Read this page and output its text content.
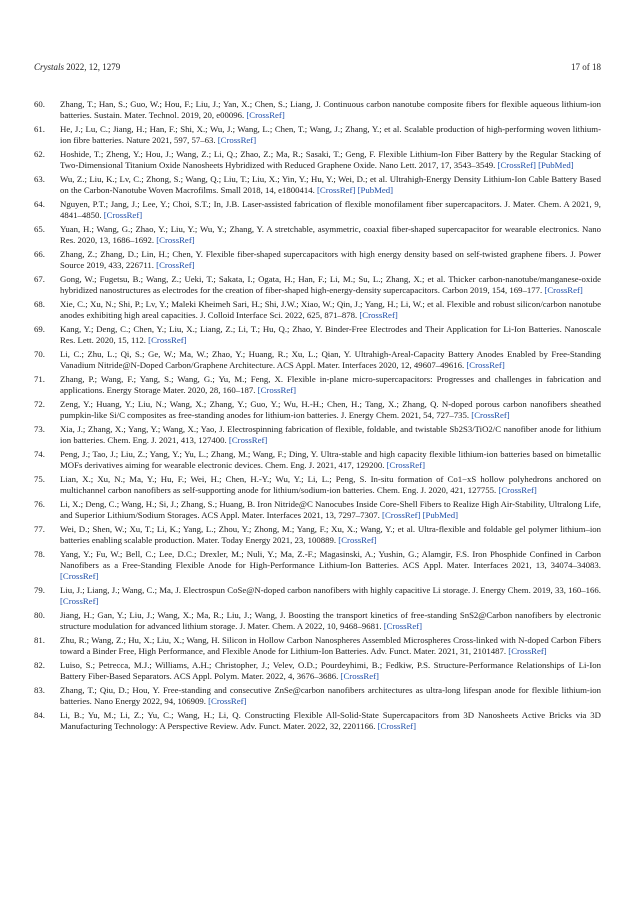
Crystals 2022, 12, 1279	17 of 18
60.	Zhang, T.; Han, S.; Guo, W.; Hou, F.; Liu, J.; Yan, X.; Chen, S.; Liang, J. Continuous carbon nanotube composite fibers for flexible aqueous lithium-ion batteries. Sustain. Mater. Technol. 2019, 20, e00096. [CrossRef]
61.	He, J.; Lu, C.; Jiang, H.; Han, F.; Shi, X.; Wu, J.; Wang, L.; Chen, T.; Wang, J.; Zhang, Y.; et al. Scalable production of high-performing woven lithium-ion fibre batteries. Nature 2021, 597, 57–63. [CrossRef]
62.	Hoshide, T.; Zheng, Y.; Hou, J.; Wang, Z.; Li, Q.; Zhao, Z.; Ma, R.; Sasaki, T.; Geng, F. Flexible Lithium-Ion Fiber Battery by the Regular Stacking of Two-Dimensional Titanium Oxide Nanosheets Hybridized with Reduced Graphene Oxide. Nano Lett. 2017, 17, 3543–3549. [CrossRef] [PubMed]
63.	Wu, Z.; Liu, K.; Lv, C.; Zhong, S.; Wang, Q.; Liu, T.; Liu, X.; Yin, Y.; Hu, Y.; Wei, D.; et al. Ultrahigh-Energy Density Lithium-Ion Cable Battery Based on the Carbon-Nanotube Woven Macrofilms. Small 2018, 14, e1800414. [CrossRef] [PubMed]
64.	Nguyen, P.T.; Jang, J.; Lee, Y.; Choi, S.T.; In, J.B. Laser-assisted fabrication of flexible monofilament fiber supercapacitors. J. Mater. Chem. A 2021, 9, 4841–4850. [CrossRef]
65.	Yuan, H.; Wang, G.; Zhao, Y.; Liu, Y.; Wu, Y.; Zhang, Y. A stretchable, asymmetric, coaxial fiber-shaped supercapacitor for wearable electronics. Nano Res. 2020, 13, 1686–1692. [CrossRef]
66.	Zhang, Z.; Zhang, D.; Lin, H.; Chen, Y. Flexible fiber-shaped supercapacitors with high energy density based on self-twisted graphene fibers. J. Power Source 2019, 433, 226711. [CrossRef]
67.	Gong, W.; Fugetsu, B.; Wang, Z.; Ueki, T.; Sakata, I.; Ogata, H.; Han, F.; Li, M.; Su, L.; Zhang, X.; et al. Thicker carbon-nanotube/manganese-oxide hybridized nanostructures as electrodes for the creation of fiber-shaped high-energy-density supercapacitors. Carbon 2019, 154, 169–177. [CrossRef]
68.	Xie, C.; Xu, N.; Shi, P.; Lv, Y.; Maleki Kheimeh Sari, H.; Shi, J.W.; Xiao, W.; Qin, J.; Yang, H.; Li, W.; et al. Flexible and robust silicon/carbon nanotube anodes exhibiting high areal capacities. J. Colloid Interface Sci. 2022, 625, 871–878. [CrossRef]
69.	Kang, Y.; Deng, C.; Chen, Y.; Liu, X.; Liang, Z.; Li, T.; Hu, Q.; Zhao, Y. Binder-Free Electrodes and Their Application for Li-Ion Batteries. Nanoscale Res. Lett. 2020, 15, 112. [CrossRef]
70.	Li, C.; Zhu, L.; Qi, S.; Ge, W.; Ma, W.; Zhao, Y.; Huang, R.; Xu, L.; Qian, Y. Ultrahigh-Areal-Capacity Battery Anodes Enabled by Free-Standing Vanadium Nitride@N-Doped Carbon/Graphene Architecture. ACS Appl. Mater. Interfaces 2020, 12, 49607–49616. [CrossRef]
71.	Zhang, P.; Wang, F.; Yang, S.; Wang, G.; Yu, M.; Feng, X. Flexible in-plane micro-supercapacitors: Progresses and challenges in fabrication and applications. Energy Storage Mater. 2020, 28, 160–187. [CrossRef]
72.	Zeng, Y.; Huang, Y.; Liu, N.; Wang, X.; Zhang, Y.; Guo, Y.; Wu, H.-H.; Chen, H.; Tang, X.; Zhang, Q. N-doped porous carbon nanofibers sheathed pumpkin-like Si/C composites as free-standing anodes for lithium-ion batteries. J. Energy Chem. 2021, 54, 727–735. [CrossRef]
73.	Xia, J.; Zhang, X.; Yang, Y.; Wang, X.; Yao, J. Electrospinning fabrication of flexible, foldable, and twistable Sb2S3/TiO2/C nanofiber anode for lithium ion batteries. Chem. Eng. J. 2021, 413, 127400. [CrossRef]
74.	Peng, J.; Tao, J.; Liu, Z.; Yang, Y.; Yu, L.; Zhang, M.; Wang, F.; Ding, Y. Ultra-stable and high capacity flexible lithium-ion batteries based on bimetallic MOFs derivatives aiming for wearable electronic devices. Chem. Eng. J. 2021, 417, 129200. [CrossRef]
75.	Lian, X.; Xu, N.; Ma, Y.; Hu, F.; Wei, H.; Chen, H.-Y.; Wu, Y.; Li, L.; Peng, S. In-situ formation of Co1−xS hollow polyhedrons anchored on multichannel carbon nanofibers as self-supporting anode for lithium/sodium-ion batteries. Chem. Eng. J. 2020, 421, 127755. [CrossRef]
76.	Li, X.; Deng, C.; Wang, H.; Si, J.; Zhang, S.; Huang, B. Iron Nitride@C Nanocubes Inside Core-Shell Fibers to Realize High Air-Stability, Ultralong Life, and Superior Lithium/Sodium Storages. ACS Appl. Mater. Interfaces 2021, 13, 7297–7307. [CrossRef] [PubMed]
77.	Wei, D.; Shen, W.; Xu, T.; Li, K.; Yang, L.; Zhou, Y.; Zhong, M.; Yang, F.; Xu, X.; Wang, Y.; et al. Ultra-flexible and foldable gel polymer lithium–ion batteries enabling scalable production. Mater. Today Energy 2021, 23, 100889. [CrossRef]
78.	Yang, Y.; Fu, W.; Bell, C.; Lee, D.C.; Drexler, M.; Nuli, Y.; Ma, Z.-F.; Magasinski, A.; Yushin, G.; Alamgir, F.S. Iron Phosphide Confined in Carbon Nanofibers as a Free-Standing Flexible Anode for High-Performance Lithium-Ion Batteries. ACS Appl. Mater. Interfaces 2021, 13, 34074–34083. [CrossRef]
79.	Liu, J.; Liang, J.; Wang, C.; Ma, J. Electrospun CoSe@N-doped carbon nanofibers with highly capacitive Li storage. J. Energy Chem. 2019, 33, 160–166. [CrossRef]
80.	Jiang, H.; Gan, Y.; Liu, J.; Wang, X.; Ma, R.; Liu, J.; Wang, J. Boosting the transport kinetics of free-standing SnS2@Carbon nanofibers by electronic structure modulation for advanced lithium storage. J. Mater. Chem. A 2022, 10, 9468–9681. [CrossRef]
81.	Zhu, R.; Wang, Z.; Hu, X.; Liu, X.; Wang, H. Silicon in Hollow Carbon Nanospheres Assembled Microspheres Cross-linked with N-doped Carbon Fibers toward a Binder Free, High Performance, and Flexible Anode for Lithium-Ion Batteries. Adv. Funct. Mater. 2021, 31, 2101487. [CrossRef]
82.	Luiso, S.; Petrecca, M.J.; Williams, A.H.; Christopher, J.; Velev, O.D.; Pourdeyhimi, B.; Fedkiw, P.S. Structure-Performance Relationships of Li-Ion Battery Fiber-Based Separators. ACS Appl. Polym. Mater. 2022, 4, 3676–3686. [CrossRef]
83.	Zhang, T.; Qiu, D.; Hou, Y. Free-standing and consecutive ZnSe@carbon nanofibers architectures as ultra-long lifespan anode for flexible lithium-ion batteries. Nano Energy 2022, 94, 106909. [CrossRef]
84.	Li, B.; Yu, M.; Li, Z.; Yu, C.; Wang, H.; Li, Q. Constructing Flexible All-Solid-State Supercapacitors from 3D Nanosheets Active Bricks via 3D Manufacturing Technology: A Perspective Review. Adv. Funct. Mater. 2022, 32, 2201166. [CrossRef]
